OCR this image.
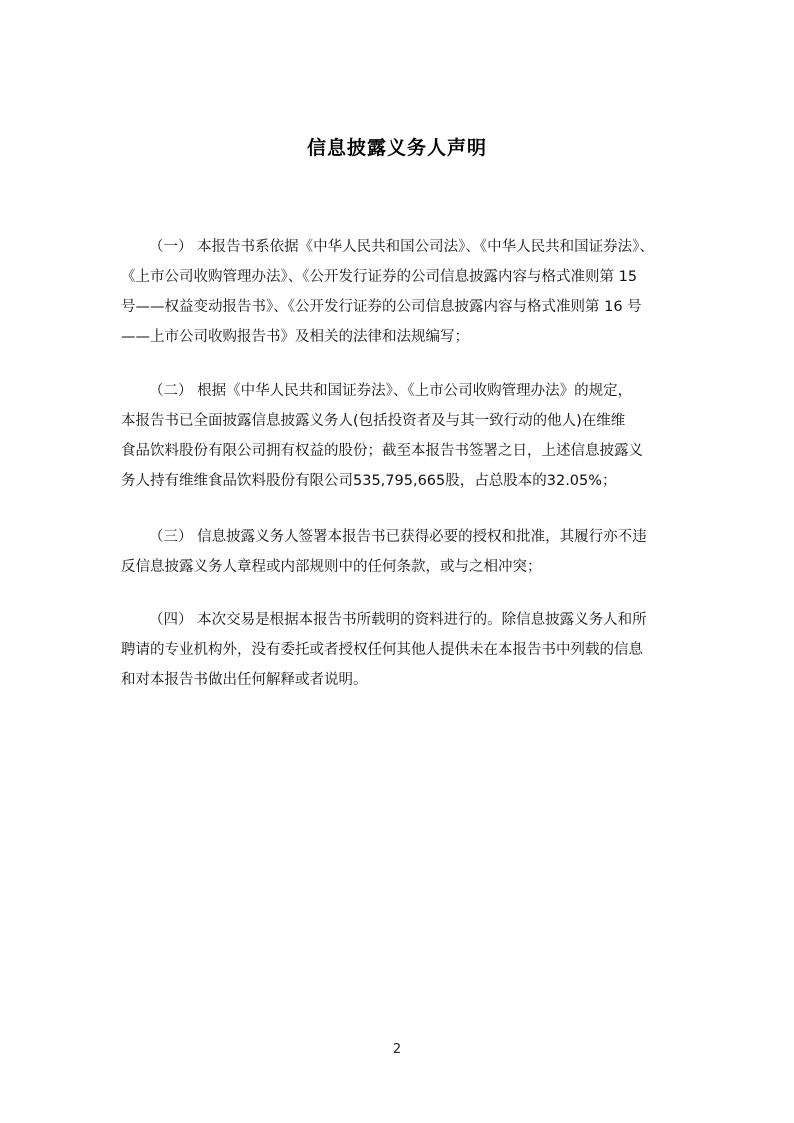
信息披露义务人声明
（一） 本报告书系依据《中华人民共和国公司法》、《中华人民共和国证券法》、
《上市公司收购管理办法》、《公开发行证券的公司信息披露内容与格式准则第 15
号——权益变动报告书》、《公开发行证券的公司信息披露内容与格式准则第 16 号
——上市公司收购报告书》及相关的法律和法规编写；
（二） 根据《中华人民共和国证券法》、《上市公司收购管理办法》的规定，
本报告书已全面披露信息披露义务人(包括投资者及与其一致行动的他人)在维维
食品饮料股份有限公司拥有权益的股份；截至本报告书签署之日，上述信息披露义
务人持有维维食品饮料股份有限公司535,795,665股，占总股本的32.05%；
（三） 信息披露义务人签署本报告书已获得必要的授权和批准，其履行亦不违
反信息披露义务人章程或内部规则中的任何条款，或与之相冲突；
（四） 本次交易是根据本报告书所载明的资料进行的。除信息披露义务人和所
聘请的专业机构外，没有委托或者授权任何其他人提供未在本报告书中列载的信息
和对本报告书做出任何解释或者说明。
2
